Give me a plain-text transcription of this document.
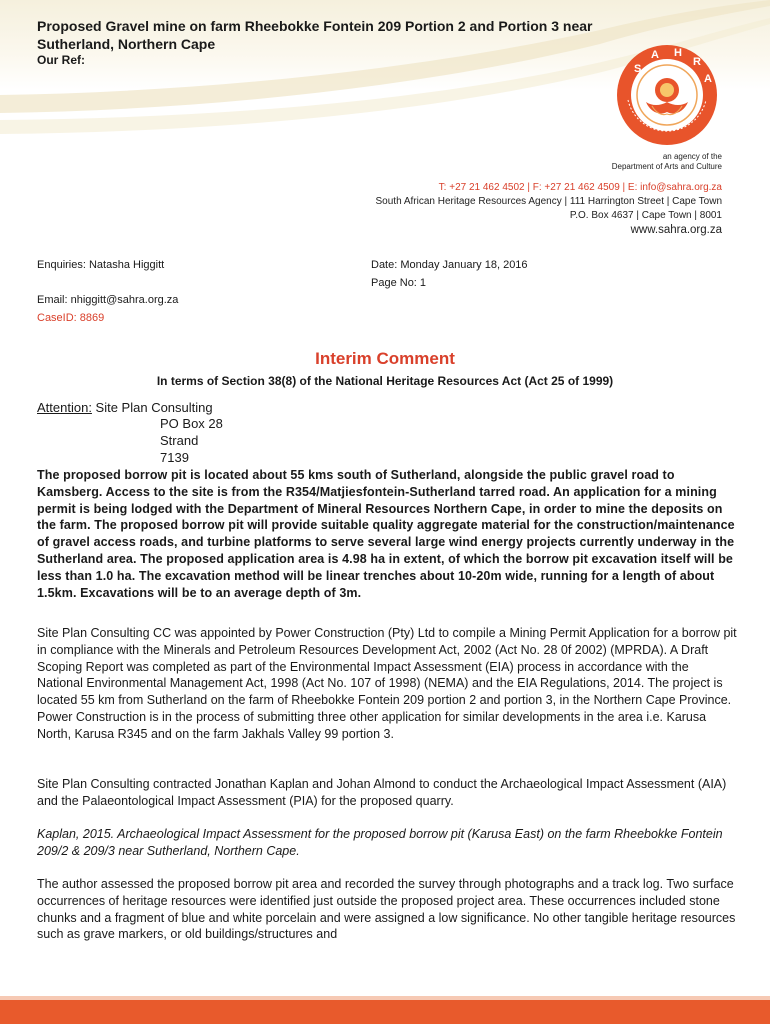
Proposed Gravel mine on farm Rheebokke Fontein 209 Portion 2 and Portion 3 near Sutherland, Northern Cape
Our Ref:
S
A H
R
A
an agency of the
Department of Arts and Culture
T: +27 21 462 4502 | F: +27 21 462 4509 | E: info@sahra.org.za
South African Heritage Resources Agency | 111 Harrington Street | Cape Town
P.O. Box 4637 | Cape Town | 8001
www.sahra.org.za
Enquiries: Natasha Higgitt	Date: Monday January 18, 2016
Page No: 1
Email: nhiggitt@sahra.org.za
CaseID: 8869
Interim Comment
In terms of Section 38(8) of the National Heritage Resources Act (Act 25 of 1999)
Attention: Site Plan Consulting
PO Box 28
Strand
7139
The proposed borrow pit is located about 55 kms south of Sutherland, alongside the public gravel road to Kamsberg. Access to the site is from the R354/Matjiesfontein-Sutherland tarred road. An application for a mining permit is being lodged with the Department of Mineral Resources Northern Cape, in order to mine the deposits on the farm. The proposed borrow pit will provide suitable quality aggregate material for the construction/maintenance of gravel access roads, and turbine platforms to serve several large wind energy projects currently underway in the Sutherland area. The proposed application area is 4.98 ha in extent, of which the borrow pit excavation itself will be less than 1.0 ha. The excavation method will be linear trenches about 10-20m wide, running for a length of about 1.5km. Excavations will be to an average depth of 3m.
Site Plan Consulting CC was appointed by Power Construction (Pty) Ltd to compile a Mining Permit Application for a borrow pit in compliance with the Minerals and Petroleum Resources Development Act, 2002 (Act No. 28 0f 2002) (MPRDA). A Draft Scoping Report was completed as part of the Environmental Impact Assessment (EIA) process in accordance with the National Environmental Management Act, 1998 (Act No. 107 of 1998) (NEMA) and the EIA Regulations, 2014. The project is located 55 km from Sutherland on the farm of Rheebokke Fontein 209 portion 2 and portion 3, in the Northern Cape Province. Power Construction is in the process of submitting three other application for similar developments in the area i.e. Karusa North, Karusa R345 and on the farm Jakhals Valley 99 portion 3.
Site Plan Consulting contracted Jonathan Kaplan and Johan Almond to conduct the Archaeological Impact Assessment (AIA) and the Palaeontological Impact Assessment (PIA) for the proposed quarry.
Kaplan, 2015. Archaeological Impact Assessment for the proposed borrow pit (Karusa East) on the farm Rheebokke Fontein 209/2 & 209/3 near Sutherland, Northern Cape.
The author assessed the proposed borrow pit area and recorded the survey through photographs and a track log. Two surface occurrences of heritage resources were identified just outside the proposed project area. These occurrences included stone chunks and a fragment of blue and white porcelain and were assigned a low significance. No other tangible heritage resources such as grave markers, or old buildings/structures and
